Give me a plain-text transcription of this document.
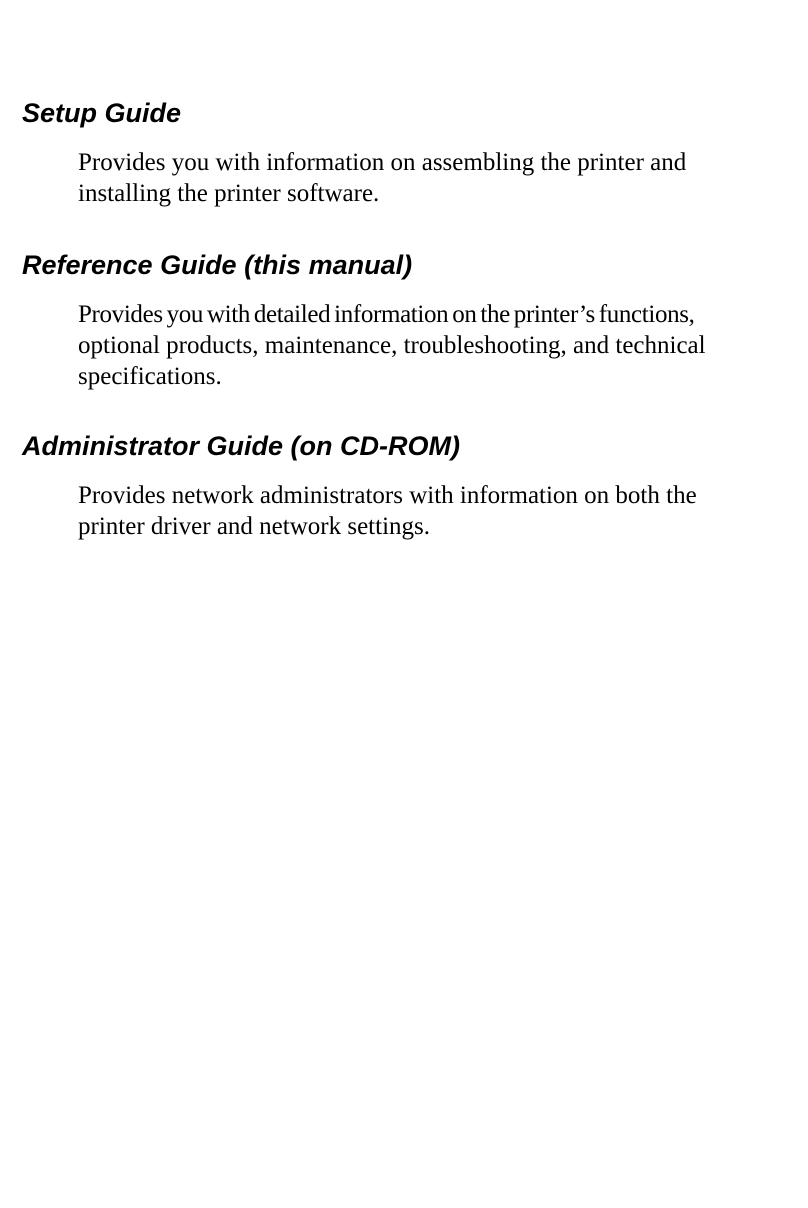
Setup Guide

Provides you with information on assembling the printer and
installing the printer software.

Reference Guide (this manual)

Provides you with detailed information on the printer’s functions,
optional products, maintenance, troubleshooting, and technical
specifications.

Administrator Guide (on CD-ROM)

Provides network administrators with information on both the
printer driver and network settings.
